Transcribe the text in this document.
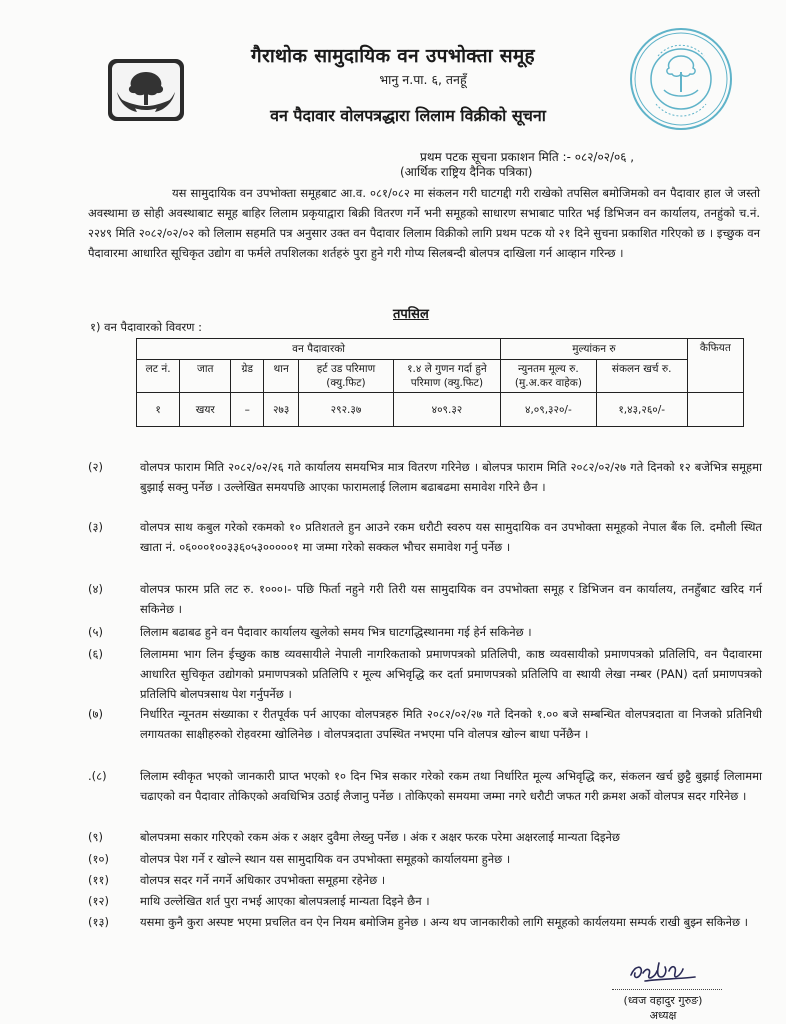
गैराथोक सामुदायिक वन उपभोक्ता समूह
भानु न.पा. ६, तनहूँ
वन पैदावार वोलपत्रद्धारा लिलाम विक्रीको सूचना
प्रथम पटक सूचना प्रकाशन मिति :- ०८२/०२/०६ ,
(आर्थिक राष्ट्रिय दैनिक पत्रिका)
यस सामुदायिक वन उपभोक्ता समूहबाट आ.व. ०८१/०८२ मा संकलन गरी घाटगद्दी गरी राखेको तपसिल बमोजिमको वन पैदावार हाल जे जस्तो अवस्थामा छ सोही अवस्थाबाट समूह बाहिर लिलाम प्रकृयाद्वारा बिक्री वितरण गर्ने भनी समूहको साधारण सभाबाट पारित भई डिभिजन वन कार्यालय, तनहुंको च.नं. २२४९ मिति २०८२/०२/०२ को लिलाम सहमति पत्र अनुसार उक्त वन पैदावार लिलाम विक्रीको लागि प्रथम पटक यो २१ दिने सुचना प्रकाशित गरिएको छ । इच्छुक वन पैदावारमा आधारित सूचिकृत उद्योग वा फर्मले तपशिलका शर्तहरुं पुरा हुने गरी गोप्य सिलबन्दी बोलपत्र दाखिला गर्न आव्हान गरिन्छ ।
तपसिल
१) वन पैदावारको विवरण :
वन पैदावारको						मुल्यांकन रु		कैफियत
लट नं.	जात	ग्रेड	थान	हर्ट उड परिमाण (क्यु.फिट)	१.४ ले गुणन गर्दा हुने परिमाण (क्यु.फिट)	न्युनतम मूल्य रु. (मु.अ.कर वाहेक)	संकलन खर्च रु.	
१	खयर	–	२७३	२९२.३७	४०९.३२	४,०९,३२०/-	१,४३,२६०/-	
(२)	वोलपत्र फाराम मिति २०८२/०२/२६ गते कार्यालय समयभित्र मात्र वितरण गरिनेछ । बोलपत्र फाराम मिति २०८२/०२/२७ गते दिनको १२ बजेभित्र समूहमा बुझाई सक्नु पर्नेछ । उल्लेखित समयपछि आएका फारामलाई लिलाम बढाबढमा समावेश गरिने छैन ।
(३)	वोलपत्र साथ कबुल गरेको रकमको १० प्रतिशतले हुन आउने रकम धरौटी स्वरुप यस सामुदायिक वन उपभोक्ता समूहको नेपाल बैंक लि. दमौली स्थित खाता नं. ०६०००१००३३६०५३०००००१ मा जम्मा गरेको सक्कल भौचर समावेश गर्नु पर्नेछ ।
(४)	वोलपत्र फारम प्रति लट रु. १०००।- पछि फिर्ता नहुने गरी तिरी यस सामुदायिक वन उपभोक्ता समूह र डिभिजन वन कार्यालय, तनहुँबाट खरिद गर्न सकिनेछ ।
(५)	लिलाम बढाबढ हुने वन पैदावार कार्यालय खुलेको समय भित्र घाटगद्धिस्थानमा गई हेर्न सकिनेछ ।
(६)	लिलाममा भाग लिन ईच्छुक काष्ठ व्यवसायीले नेपाली नागरिकताको प्रमाणपत्रको प्रतिलिपी, काष्ठ व्यवसायीको प्रमाणपत्रको प्रतिलिपि, वन पैदावारमा आधारित सुचिकृत उद्योगको प्रमाणपत्रको प्रतिलिपि र मूल्य अभिवृद्धि कर दर्ता प्रमाणपत्रको प्रतिलिपि वा स्थायी लेखा नम्बर (PAN) दर्ता प्रमाणपत्रको प्रतिलिपि बोलपत्रसाथ पेश गर्नुपर्नेछ ।
(७)	निर्धारित न्यूनतम संख्याका र रीतपूर्वक पर्न आएका वोलपत्रहरु मिति २०८२/०२/२७ गते दिनको १.०० बजे सम्बन्धित वोलपत्रदाता वा निजको प्रतिनिधी लगायतका साक्षीहरुको रोहवरमा खोलिनेछ । वोलपत्रदाता उपस्थित नभएमा पनि वोलपत्र खोल्न बाधा पर्नेछैन ।
.(८)	लिलाम स्वीकृत भएको जानकारी प्राप्त भएको १० दिन भित्र सकार गरेको रकम तथा निर्धारित मूल्य अभिवृद्धि कर, संकलन खर्च छुट्टै बुझाई लिलाममा चढाएको वन पैदावार तोकिएको अवधिभित्र उठाई लैजानु पर्नेछ । तोकिएको समयमा जम्मा नगरे धरौटी जफत गरी क्रमश अर्को वोलपत्र सदर गरिनेछ ।
(९)	बोलपत्रमा सकार गरिएको रकम अंक र अक्षर दुवैमा लेख्नु पर्नेछ । अंक र अक्षर फरक परेमा अक्षरलाई मान्यता दिइनेछ
(१०)	वोलपत्र पेश गर्ने र खोल्ने स्थान यस सामुदायिक वन उपभोक्ता समूहको कार्यालयमा हुनेछ ।
(११)	वोलपत्र सदर गर्ने नगर्ने अधिकार उपभोक्ता समूहमा रहेनेछ ।
(१२)	माथि उल्लेखित शर्त पुरा नभई आएका बोलपत्रलाई मान्यता दिइने छैन ।
(१३)	यसमा कुनै कुरा अस्पष्ट भएमा प्रचलित वन ऐन नियम बमोजिम हुनेछ । अन्य थप जानकारीको लागि समूहको कार्यलयमा सम्पर्क राखी बुझ्न सकिनेछ ।
(ध्वज वहादुर गुरुङ)
अध्यक्ष
